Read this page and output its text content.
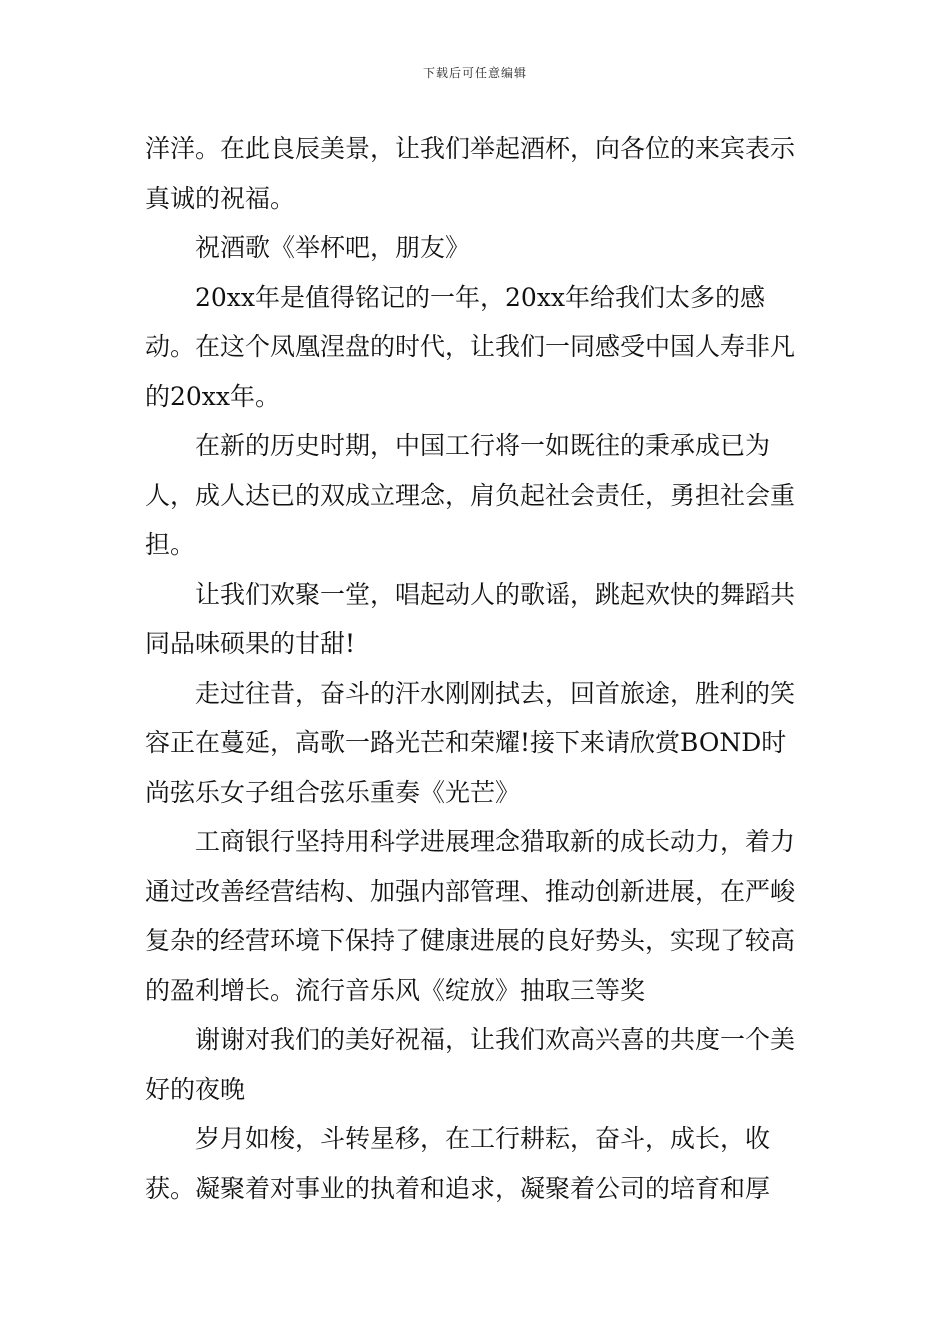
下载后可任意编辑

洋洋。在此良辰美景，让我们举起酒杯，向各位的来宾表示真诚的祝福。

祝酒歌《举杯吧，朋友》

20xx年是值得铭记的一年，20xx年给我们太多的感动。在这个凤凰涅盘的时代，让我们一同感受中国人寿非凡的20xx年。

在新的历史时期，中国工行将一如既往的秉承成已为人，成人达已的双成立理念，肩负起社会责任，勇担社会重担。

让我们欢聚一堂，唱起动人的歌谣，跳起欢快的舞蹈共同品味硕果的甘甜!

走过往昔，奋斗的汗水刚刚拭去，回首旅途，胜利的笑容正在蔓延，高歌一路光芒和荣耀!接下来请欣赏BOND时尚弦乐女子组合弦乐重奏《光芒》

工商银行坚持用科学进展理念猎取新的成长动力，着力通过改善经营结构、加强内部管理、推动创新进展，在严峻复杂的经营环境下保持了健康进展的良好势头，实现了较高的盈利增长。流行音乐风《绽放》抽取三等奖

谢谢对我们的美好祝福，让我们欢高兴喜的共度一个美好的夜晚

岁月如梭，斗转星移，在工行耕耘，奋斗，成长，收获。凝聚着对事业的执着和追求，凝聚着公司的培育和厚
